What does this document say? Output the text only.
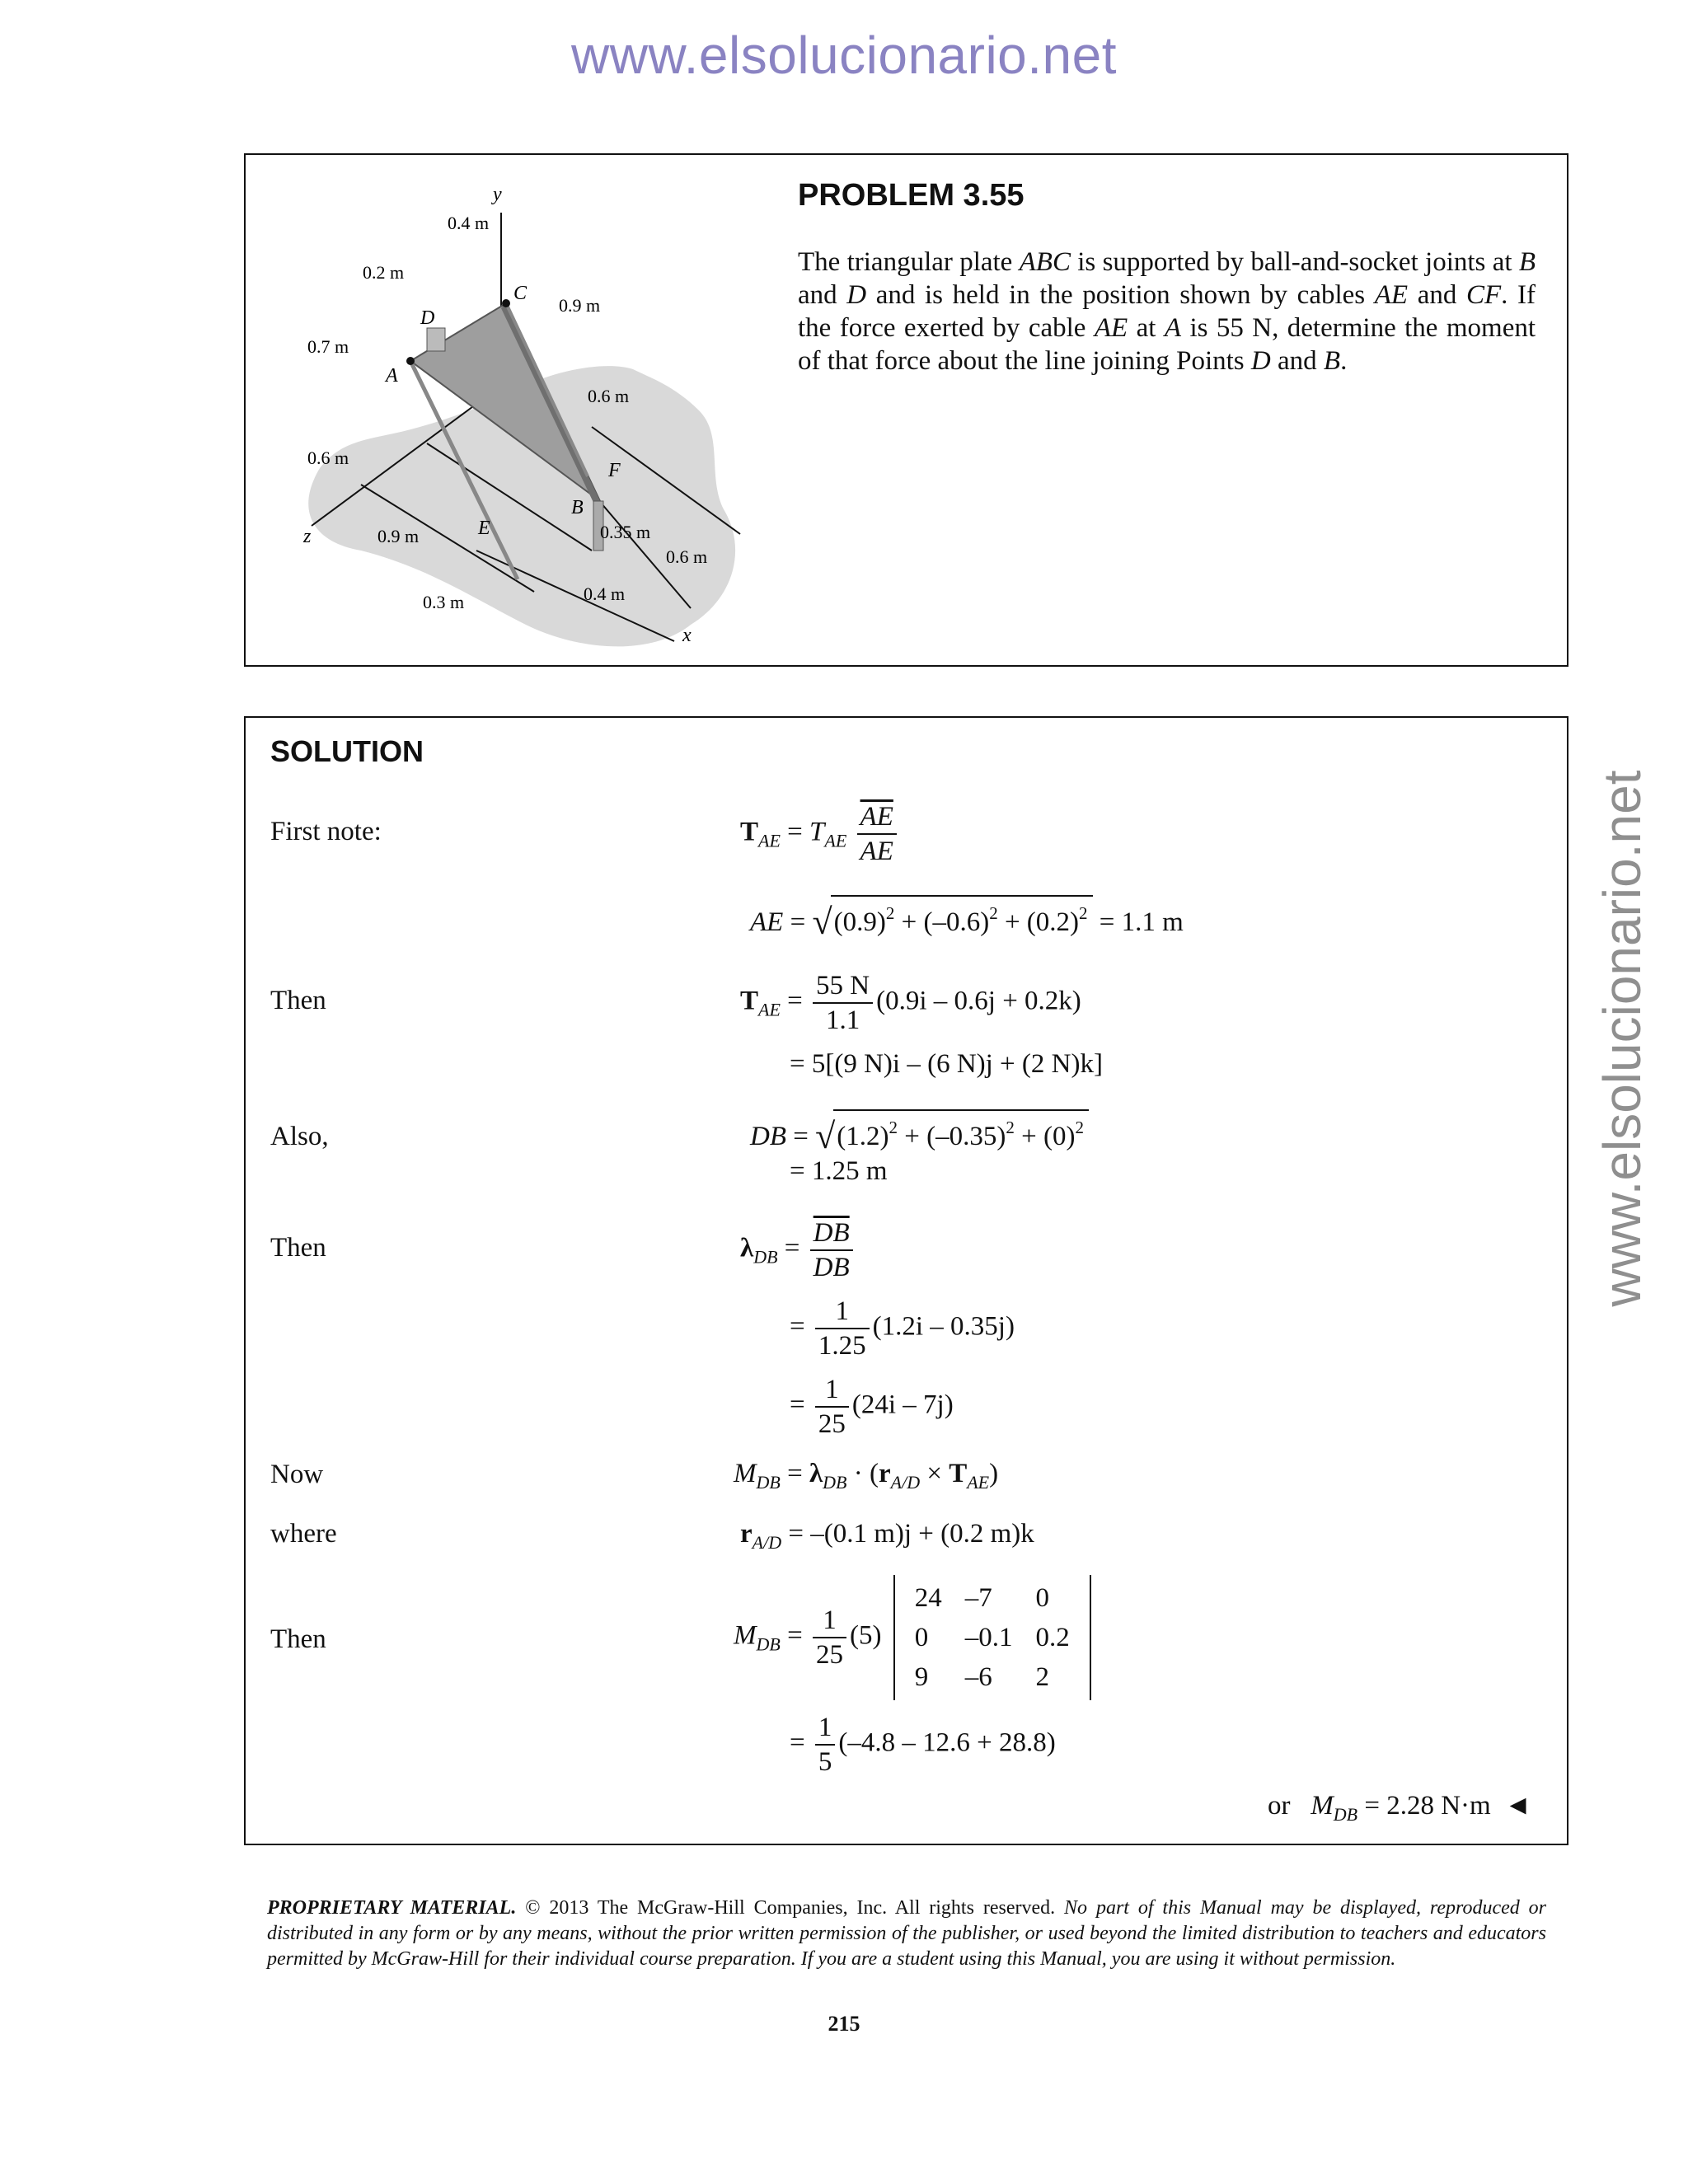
www.elsolucionario.net
www.elsolucionario.net
y
x
z
A
B
C
D
E
F
0.4 m
0.2 m
0.9 m
0.7 m
0.6 m
0.6 m
0.9 m	0.35 m
0.6 m
0.3 m	0.4 m
PROBLEM 3.55
The triangular plate ABC is supported by ball-and-socket joints at B and D and is held in the position shown by cables AE and CF. If the force exerted by cable AE at A is 55 N, determine the moment of that force about the line joining Points D and B.
SOLUTION
First note:	$T_{AE} = T_{AE} \frac{\overline{AE}}{AE}$
AE = $√(0.9)^2 + (-0.6)^2 + (0.2)^2 = 1.1$ m
Then	$T_{AE} = \frac{55 N}{1.1} (0.9i - 0.6j + 0.2k)$
= 5[(9 N)i – (6 N)j + (2 N)k]
Also,	DB = $√(1.2)^2 + (-0.35)^2 + (0)^2$
= 1.25 m
Then	$\lambda_{DB} = \frac{\overline{DB}}{DB}$
= $\frac{1}{1.25} (1.2i - 0.35j)$
= $\frac{1}{25} (24i - 7j)$
Now	$M_{DB} = \lambda_{DB} \cdot (r_{A/D} \times T_{AE})$
where	$r_{A/D} = -(0.1$ m)j + (0.2 m)k
Then	$M_{DB} = \frac{1}{25} (5)$
24	–7	0
0	–0.1	0.2
9	–6	2
= $\frac{1}{5} (-4.8 - 12.6 + 28.8)$
or $M_{DB} = 2.28$ N·m ◄
PROPRIETARY MATERIAL. © 2013 The McGraw-Hill Companies, Inc. All rights reserved. No part of this Manual may be displayed, reproduced or distributed in any form or by any means, without the prior written permission of the publisher, or used beyond the limited distribution to teachers and educators permitted by McGraw-Hill for their individual course preparation. If you are a student using this Manual, you are using it without permission.
215
